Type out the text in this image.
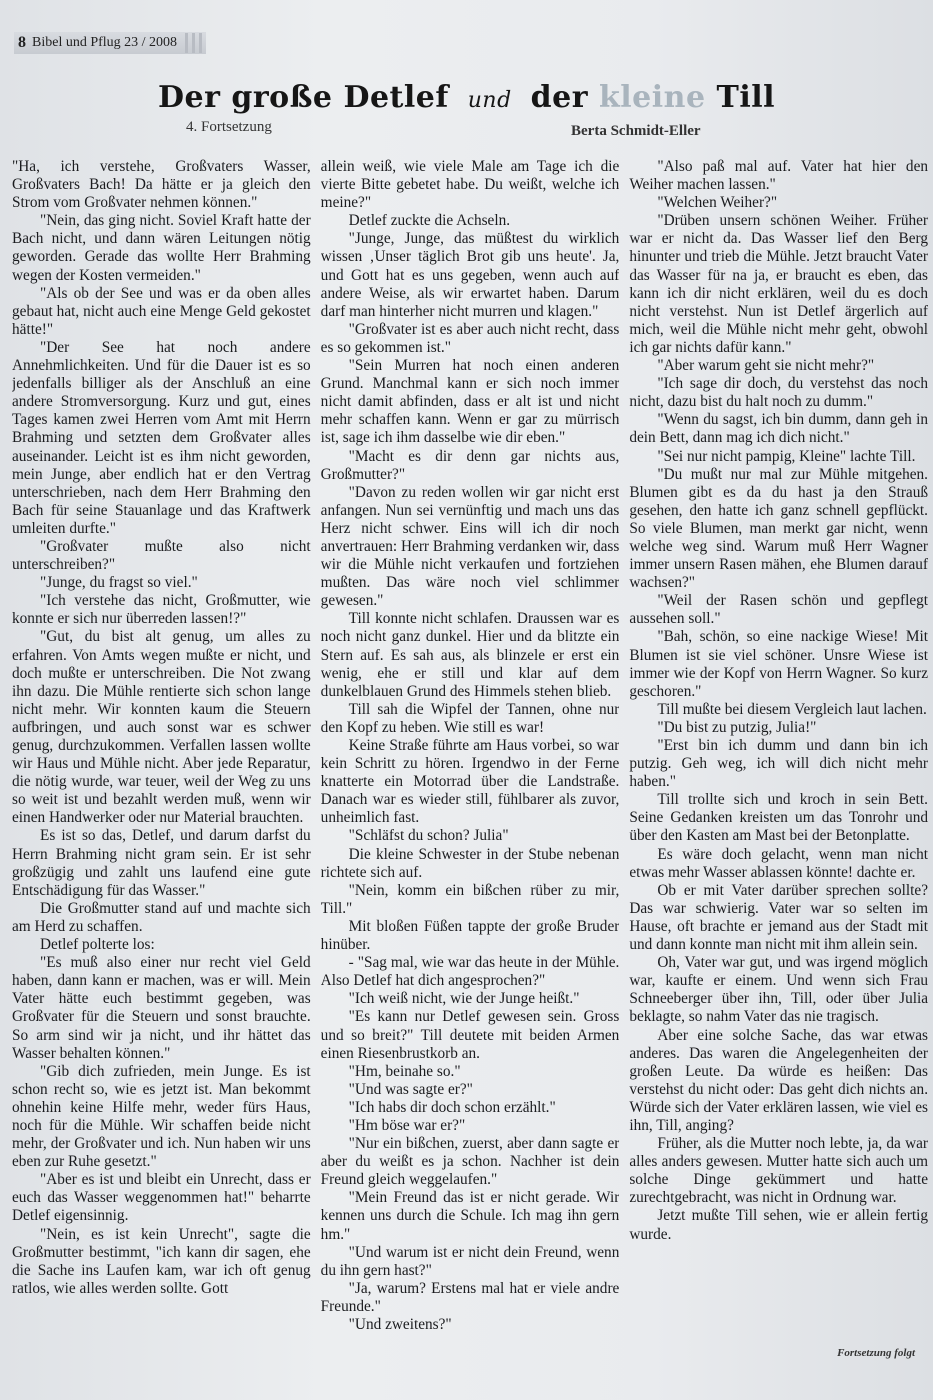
8 Bibel und Pflug 23 / 2008
Der große Detlef und der kleine Till
4. Fortsetzung	Berta Schmidt-Eller

"Ha, ich verstehe, Großvaters Wasser, Großvaters Bach! Da hätte er ja gleich den Strom vom Großvater nehmen können."

"Nein, das ging nicht. Soviel Kraft hatte der Bach nicht, und dann wären Leitungen nötig geworden. Gerade das wollte Herr Brahming wegen der Kosten vermeiden."

"Als ob der See und was er da oben alles gebaut hat, nicht auch eine Menge Geld gekostet hätte!"

"Der See hat noch andere Annehmlichkeiten. Und für die Dauer ist es so jedenfalls billiger als der Anschluß an eine andere Stromversorgung. Kurz und gut, eines Tages kamen zwei Herren vom Amt mit Herrn Brahming und setzten dem Großvater alles auseinander. Leicht ist es ihm nicht geworden, mein Junge, aber endlich hat er den Vertrag unterschrieben, nach dem Herr Brahming den Bach für seine Stauanlage und das Kraftwerk umleiten durfte."

"Großvater mußte also nicht unterschreiben?"

"Junge, du fragst so viel."

"Ich verstehe das nicht, Großmutter, wie konnte er sich nur überreden lassen!?"

"Gut, du bist alt genug, um alles zu erfahren. Von Amts wegen mußte er nicht, und doch mußte er unterschreiben. Die Not zwang ihn dazu. Die Mühle rentierte sich schon lange nicht mehr. Wir konnten kaum die Steuern aufbringen, und auch sonst war es schwer genug, durchzukommen. Verfallen lassen wollte wir Haus und Mühle nicht. Aber jede Reparatur, die nötig wurde, war teuer, weil der Weg zu uns so weit ist und bezahlt werden muß, wenn wir einen Handwerker oder nur Material brauchten.

Es ist so das, Detlef, und darum darfst du Herrn Brahming nicht gram sein. Er ist sehr großzügig und zahlt uns laufend eine gute Entschädigung für das Wasser."

Die Großmutter stand auf und machte sich am Herd zu schaffen.

Detlef polterte los:

"Es muß also einer nur recht viel Geld haben, dann kann er machen, was er will. Mein Vater hätte euch bestimmt gegeben, was Großvater für die Steuern und sonst brauchte. So arm sind wir ja nicht, und ihr hättet das Wasser behalten können."

"Gib dich zufrieden, mein Junge. Es ist schon recht so, wie es jetzt ist. Man bekommt ohnehin keine Hilfe mehr, weder fürs Haus, noch für die Mühle. Wir schaffen beide nicht mehr, der Großvater und ich. Nun haben wir uns eben zur Ruhe gesetzt."

"Aber es ist und bleibt ein Unrecht, dass er euch das Wasser weggenommen hat!" beharrte Detlef eigensinnig.

"Nein, es ist kein Unrecht", sagte die Großmutter bestimmt, "ich kann dir sagen, ehe die Sache ins Laufen kam, war ich oft genug ratlos, wie alles werden sollte. Gott

allein weiß, wie viele Male am Tage ich die vierte Bitte gebetet habe. Du weißt, welche ich meine?"

Detlef zuckte die Achseln.

"Junge, Junge, das müßtest du wirklich wissen ‚Unser täglich Brot gib uns heute'. Ja, und Gott hat es uns gegeben, wenn auch auf andere Weise, als wir erwartet haben. Darum darf man hinterher nicht murren und klagen."

"Großvater ist es aber auch nicht recht, dass es so gekommen ist."

"Sein Murren hat noch einen anderen Grund. Manchmal kann er sich noch immer nicht damit abfinden, dass er alt ist und nicht mehr schaffen kann. Wenn er gar zu mürrisch ist, sage ich ihm dasselbe wie dir eben."

"Macht es dir denn gar nichts aus, Großmutter?"

"Davon zu reden wollen wir gar nicht erst anfangen. Nun sei vernünftig und mach uns das Herz nicht schwer. Eins will ich dir noch anvertrauen: Herr Brahming verdanken wir, dass wir die Mühle nicht verkaufen und fortziehen mußten. Das wäre noch viel schlimmer gewesen."

Till konnte nicht schlafen. Draussen war es noch nicht ganz dunkel. Hier und da blitzte ein Stern auf. Es sah aus, als blinzele er erst ein wenig, ehe er still und klar auf dem dunkelblauen Grund des Himmels stehen blieb.

Till sah die Wipfel der Tannen, ohne nur den Kopf zu heben. Wie still es war!

Keine Straße führte am Haus vorbei, so war kein Schritt zu hören. Irgendwo in der Ferne knatterte ein Motorrad über die Landstraße. Danach war es wieder still, fühlbarer als zuvor, unheimlich fast.

"Schläfst du schon? Julia"

Die kleine Schwester in der Stube nebenan richtete sich auf.

"Nein, komm ein bißchen rüber zu mir, Till."

Mit bloßen Füßen tappte der große Bruder hinüber.

- "Sag mal, wie war das heute in der Mühle. Also Detlef hat dich angesprochen?"

"Ich weiß nicht, wie der Junge heißt."

"Es kann nur Detlef gewesen sein. Gross und so breit?" Till deutete mit beiden Armen einen Riesenbrustkorb an.

"Hm, beinahe so."

"Und was sagte er?"

"Ich habs dir doch schon erzählt."

"Hm böse war er?"

"Nur ein bißchen, zuerst, aber dann sagte er aber du weißt es ja schon. Nachher ist dein Freund gleich weggelaufen."

"Mein Freund das ist er nicht gerade. Wir kennen uns durch die Schule. Ich mag ihn gern hm."

"Und warum ist er nicht dein Freund, wenn du ihn gern hast?"

"Ja, warum? Erstens mal hat er viele andre Freunde."

"Und zweitens?"

"Also paß mal auf. Vater hat hier den Weiher machen lassen."

"Welchen Weiher?"

"Drüben unsern schönen Weiher. Früher war er nicht da. Das Wasser lief den Berg hinunter und trieb die Mühle. Jetzt braucht Vater das Wasser für na ja, er braucht es eben, das kann ich dir nicht erklären, weil du es doch nicht verstehst. Nun ist Detlef ärgerlich auf mich, weil die Mühle nicht mehr geht, obwohl ich gar nichts dafür kann."

"Aber warum geht sie nicht mehr?"

"Ich sage dir doch, du verstehst das noch nicht, dazu bist du halt noch zu dumm."

"Wenn du sagst, ich bin dumm, dann geh in dein Bett, dann mag ich dich nicht."

"Sei nur nicht pampig, Kleine" lachte Till.

"Du mußt nur mal zur Mühle mitgehen. Blumen gibt es da du hast ja den Strauß gesehen, den hatte ich ganz schnell gepflückt. So viele Blumen, man merkt gar nicht, wenn welche weg sind. Warum muß Herr Wagner immer unsern Rasen mähen, ehe Blumen darauf wachsen?"

"Weil der Rasen schön und gepflegt aussehen soll."

"Bah, schön, so eine nackige Wiese! Mit Blumen ist sie viel schöner. Unsre Wiese ist immer wie der Kopf von Herrn Wagner. So kurz geschoren."

Till mußte bei diesem Vergleich laut lachen.

"Du bist zu putzig, Julia!"

"Erst bin ich dumm und dann bin ich putzig. Geh weg, ich will dich nicht mehr haben."

Till trollte sich und kroch in sein Bett. Seine Gedanken kreisten um das Tonrohr und über den Kasten am Mast bei der Betonplatte.

Es wäre doch gelacht, wenn man nicht etwas mehr Wasser ablassen könnte! dachte er.

Ob er mit Vater darüber sprechen sollte? Das war schwierig. Vater war so selten im Hause, oft brachte er jemand aus der Stadt mit und dann konnte man nicht mit ihm allein sein.

Oh, Vater war gut, und was irgend möglich war, kaufte er einem. Und wenn sich Frau Schneeberger über ihn, Till, oder über Julia beklagte, so nahm Vater das nie tragisch.

Aber eine solche Sache, das war etwas anderes. Das waren die Angelegenheiten der großen Leute. Da würde es heißen: Das verstehst du nicht oder: Das geht dich nichts an. Würde sich der Vater erklären lassen, wie viel es ihn, Till, anging?

Früher, als die Mutter noch lebte, ja, da war alles anders gewesen. Mutter hatte sich auch um solche Dinge gekümmert und hatte zurechtgebracht, was nicht in Ordnung war.

Jetzt mußte Till sehen, wie er allein fertig wurde.

Fortsetzung folgt
